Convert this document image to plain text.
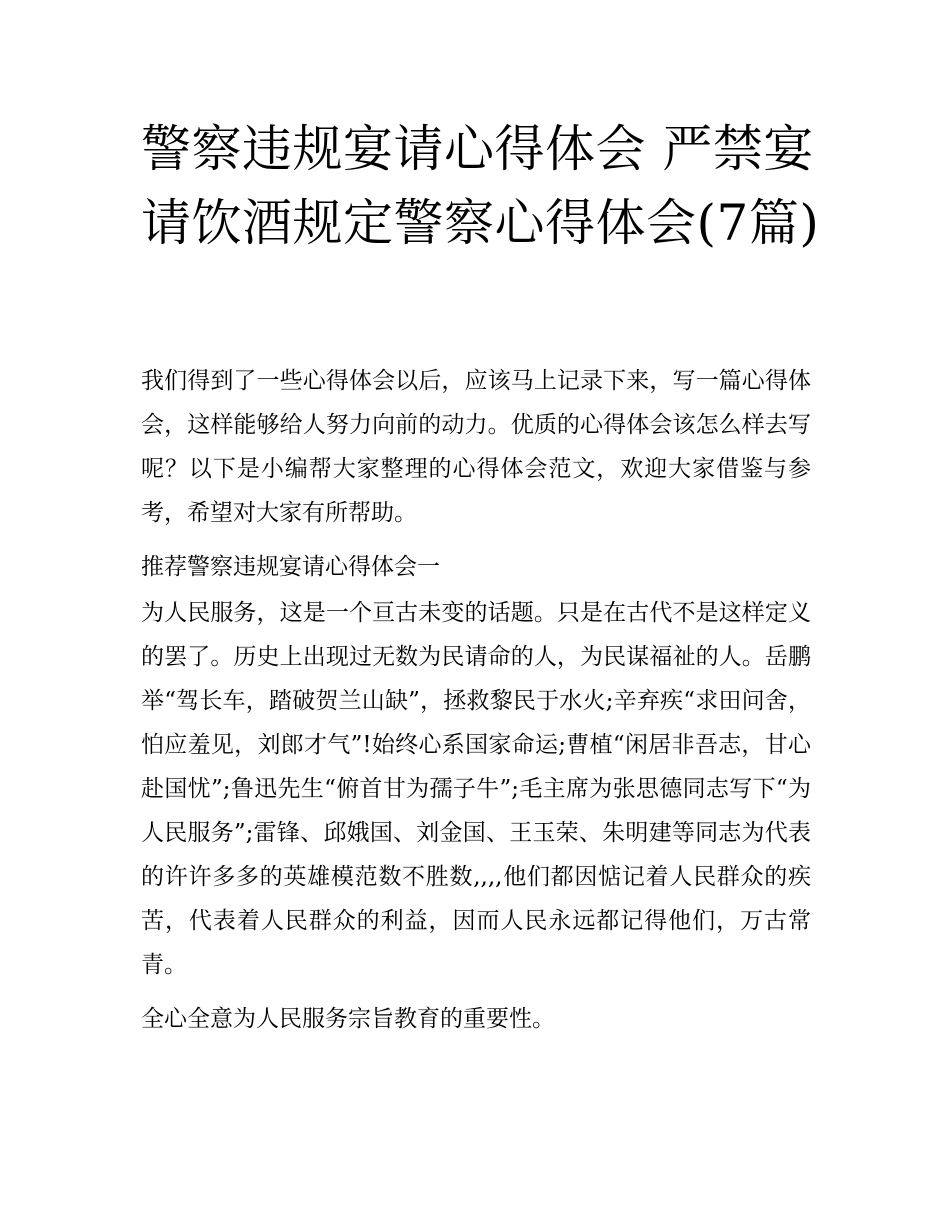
警察违规宴请心得体会 严禁宴请饮酒规定警察心得体会(7篇)

我们得到了一些心得体会以后，应该马上记录下来，写一篇心得体会，这样能够给人努力向前的动力。优质的心得体会该怎么样去写呢？以下是小编帮大家整理的心得体会范文，欢迎大家借鉴与参考，希望对大家有所帮助。

推荐警察违规宴请心得体会一

为人民服务，这是一个亘古未变的话题。只是在古代不是这样定义的罢了。历史上出现过无数为民请命的人，为民谋福祉的人。岳鹏举“驾长车，踏破贺兰山缺”，拯救黎民于水火;辛弃疾“求田问舍，怕应羞见，刘郎才气”!始终心系国家命运;曹植“闲居非吾志，甘心赴国忧”;鲁迅先生“俯首甘为孺子牛”;毛主席为张思德同志写下“为人民服务”;雷锋、邱娥国、刘金国、王玉荣、朱明建等同志为代表的许许多多的英雄模范数不胜数,,,,他们都因惦记着人民群众的疾苦，代表着人民群众的利益，因而人民永远都记得他们，万古常青。

全心全意为人民服务宗旨教育的重要性。
